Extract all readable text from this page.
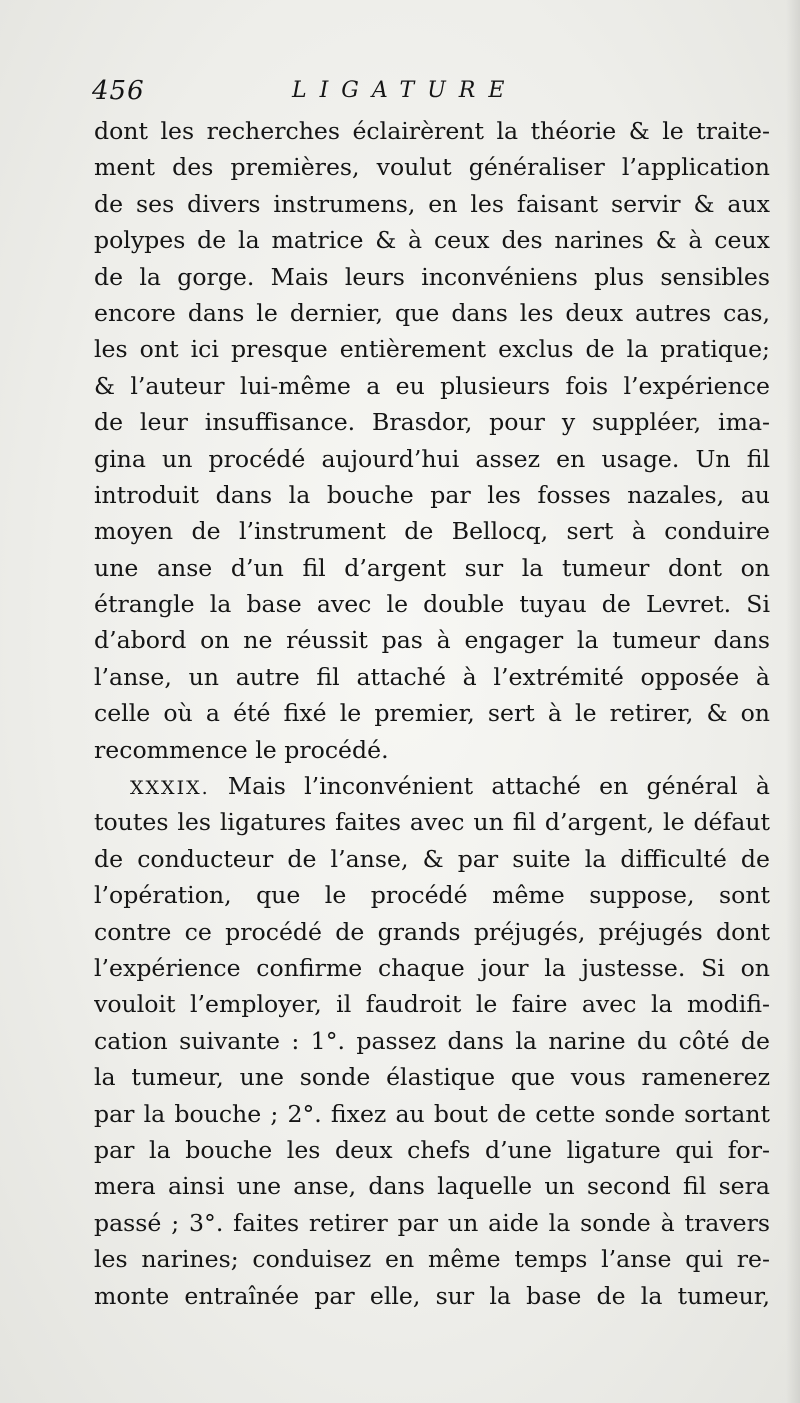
456	LIGATURE
dont les recherches éclairèrent la théorie & le traite-
ment des premières, voulut généraliser l’application
de ses divers instrumens, en les faisant servir & aux
polypes de la matrice & à ceux des narines & à ceux
de la gorge. Mais leurs inconvéniens plus sensibles
encore dans le dernier, que dans les deux autres cas,
les ont ici presque entièrement exclus de la pratique;
& l’auteur lui-même a eu plusieurs fois l’expérience
de leur insuffisance. Brasdor, pour y suppléer, ima-
gina un procédé aujourd’hui assez en usage. Un fil
introduit dans la bouche par les fosses nazales, au
moyen de l’instrument de Bellocq, sert à conduire
une anse d’un fil d’argent sur la tumeur dont on
étrangle la base avec le double tuyau de Levret. Si
d’abord on ne réussit pas à engager la tumeur dans
l’anse, un autre fil attaché à l’extrémité opposée à
celle où a été fixé le premier, sert à le retirer, & on
recommence le procédé.
XXXIX. Mais l’inconvénient attaché en général à
toutes les ligatures faites avec un fil d’argent, le défaut
de conducteur de l’anse, & par suite la difficulté de
l’opération, que le procédé même suppose, sont
contre ce procédé de grands préjugés, préjugés dont
l’expérience confirme chaque jour la justesse. Si on
vouloit l’employer, il faudroit le faire avec la modifi-
cation suivante : 1°. passez dans la narine du côté de
la tumeur, une sonde élastique que vous ramenerez
par la bouche ; 2°. fixez au bout de cette sonde sortant
par la bouche les deux chefs d’une ligature qui for-
mera ainsi une anse, dans laquelle un second fil sera
passé ; 3°. faites retirer par un aide la sonde à travers
les narines; conduisez en même temps l’anse qui re-
monte entraînée par elle, sur la base de la tumeur,
